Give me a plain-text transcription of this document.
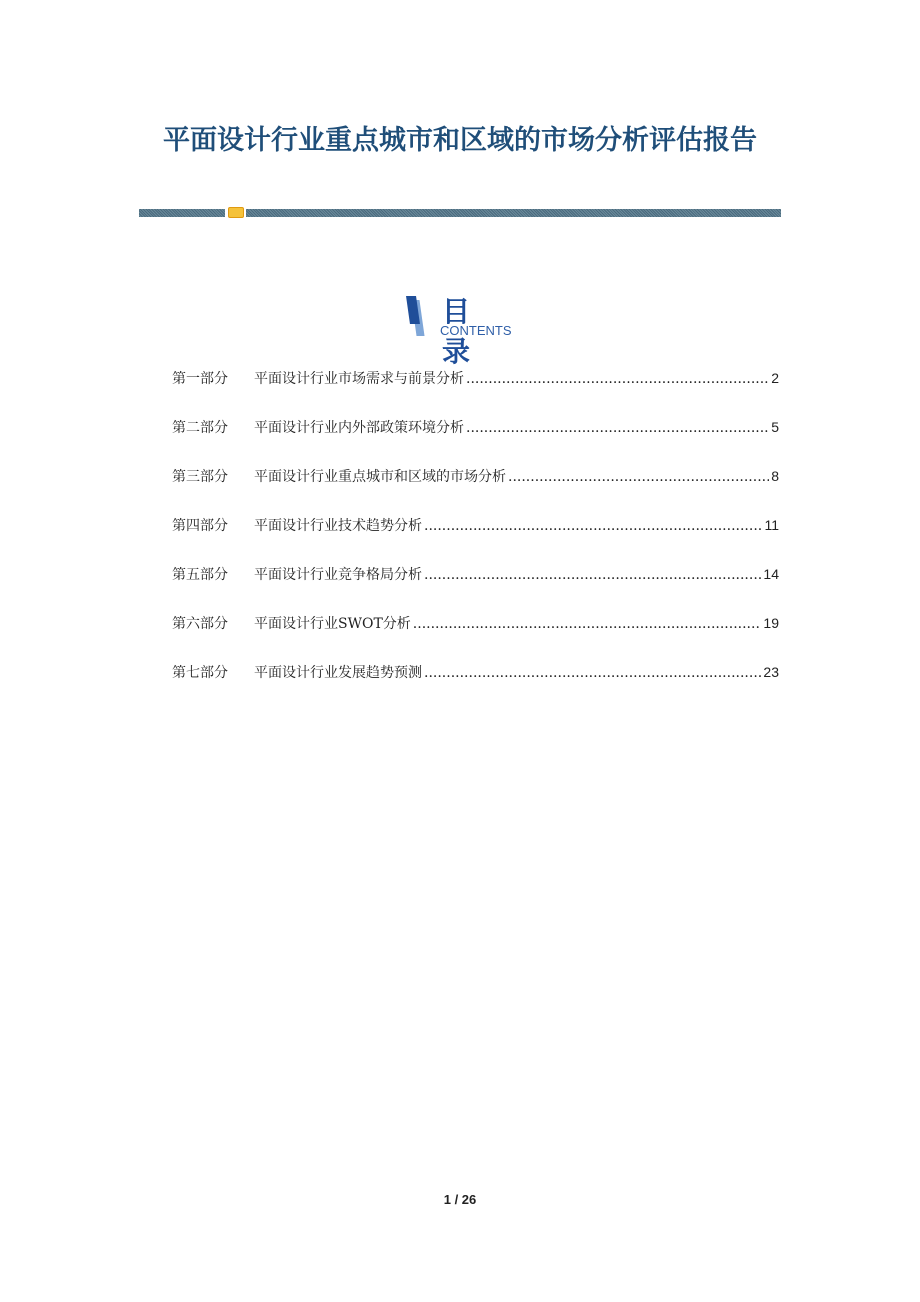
平面设计行业重点城市和区域的市场分析评估报告
目 录
CONTENTS
第一部分	平面设计行业市场需求与前景分析 .....	2
第二部分	平面设计行业内外部政策环境分析 .....	5
第三部分	平面设计行业重点城市和区域的市场分析 .....	8
第四部分	平面设计行业技术趋势分析 .....	11
第五部分	平面设计行业竞争格局分析 .....	14
第六部分	平面设计行业SWOT分析 .....	19
第七部分	平面设计行业发展趋势预测 .....	23
1 / 26
